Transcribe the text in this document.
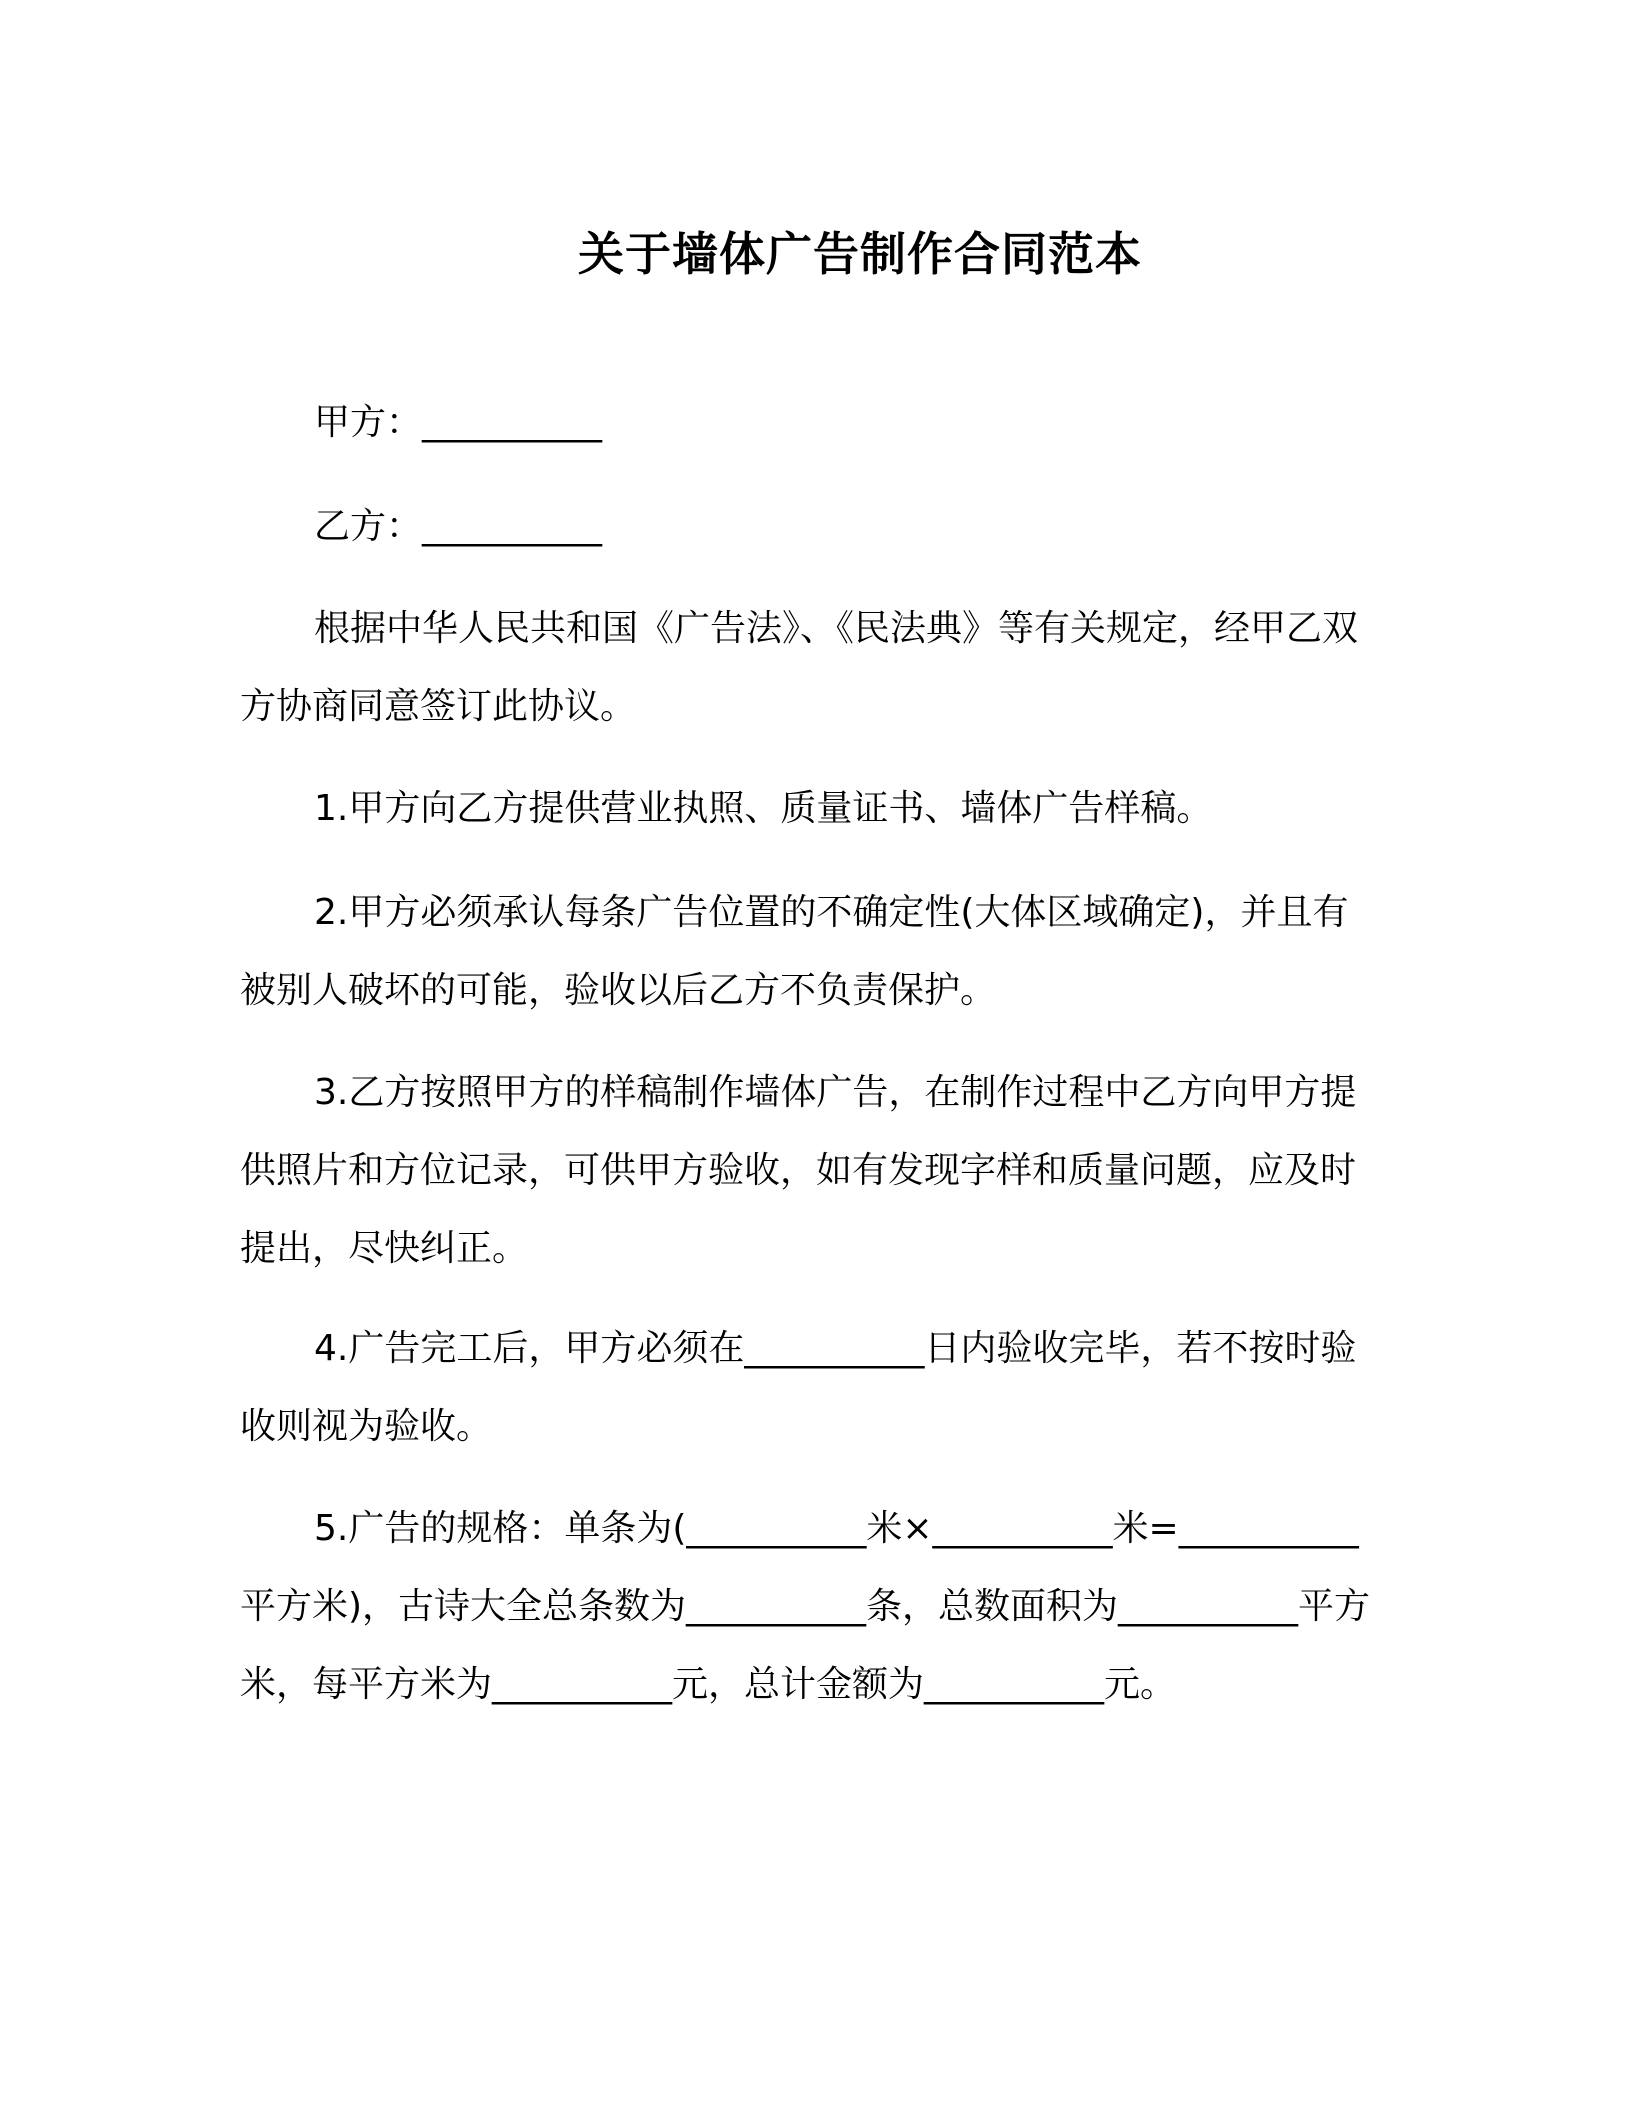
关于墙体广告制作合同范本
甲方：__________
乙方：__________
根据中华人民共和国《广告法》、《民法典》等有关规定，经甲乙双方协商同意签订此协议。
1.甲方向乙方提供营业执照、质量证书、墙体广告样稿。
2.甲方必须承认每条广告位置的不确定性(大体区域确定)，并且有被别人破坏的可能，验收以后乙方不负责保护。
3.乙方按照甲方的样稿制作墙体广告，在制作过程中乙方向甲方提供照片和方位记录，可供甲方验收，如有发现字样和质量问题，应及时提出，尽快纠正。
4.广告完工后，甲方必须在__________日内验收完毕，若不按时验收则视为验收。
5.广告的规格：单条为(__________米×__________米=__________平方米)，古诗大全总条数为__________条，总数面积为__________平方米，每平方米为__________元，总计金额为__________元。
